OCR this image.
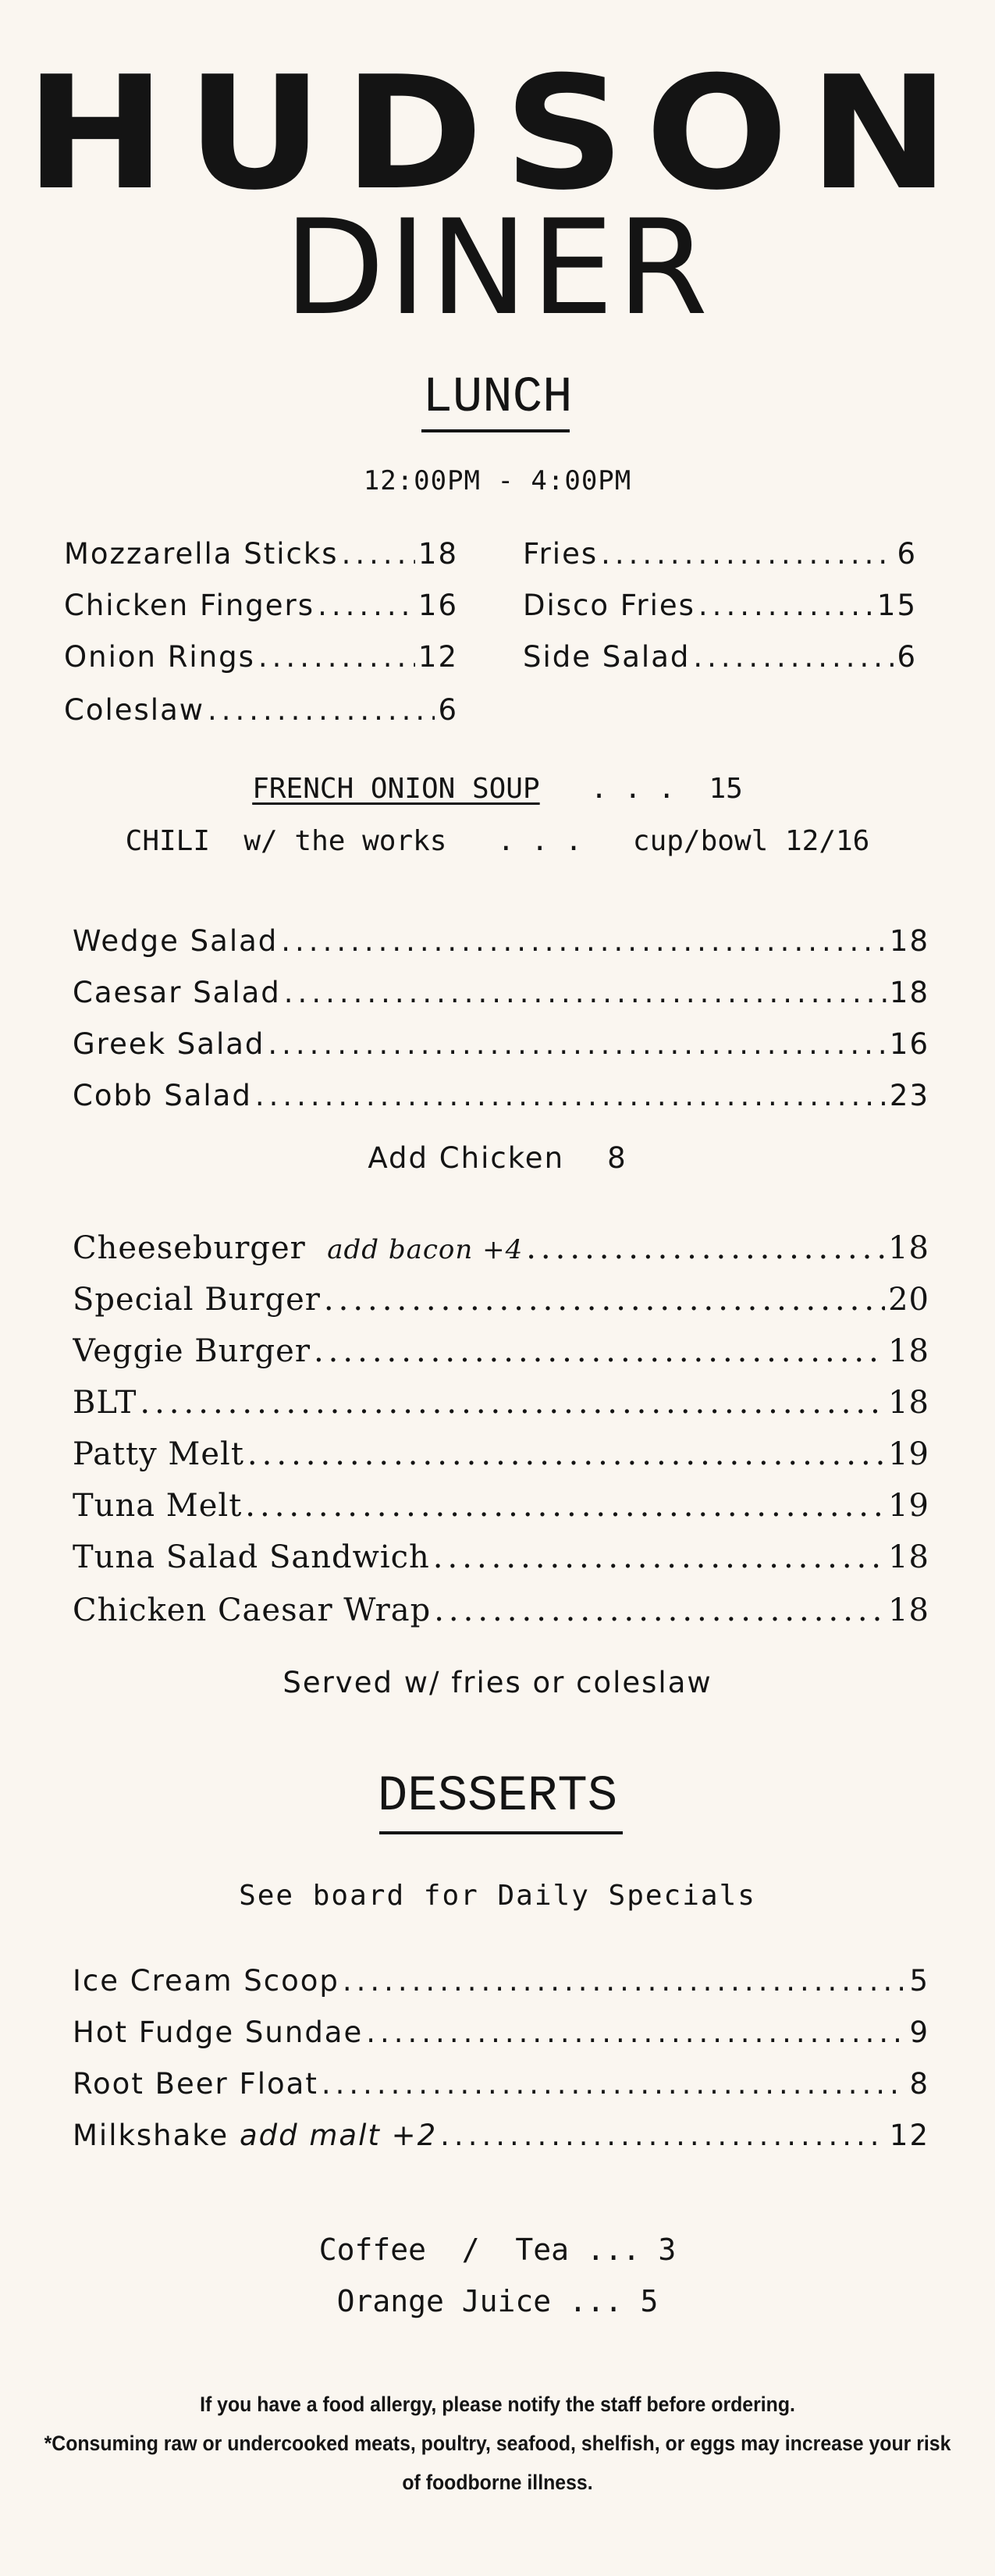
HUDSON
DINER
LUNCH
12:00PM - 4:00PM
Mozzarella Sticks .....	18
Chicken Fingers .....	16
Onion Rings .....	12
Coleslaw .....	6
Fries .....	6
Disco Fries .....	15
Side Salad .....	6
FRENCH ONION SOUP . . . 15
CHILI w/ the works . . . cup/bowl 12/16
Wedge Salad .....	18
Caesar Salad .....	18
Greek Salad .....	16
Cobb Salad .....	23
Add Chicken 8
Cheeseburger add bacon +4 .....	18
Special Burger .....	20
Veggie Burger .....	18
BLT .....	18
Patty Melt .....	19
Tuna Melt .....	19
Tuna Salad Sandwich .....	18
Chicken Caesar Wrap .....	18
Served w/ fries or coleslaw
DESSERTS
See board for Daily Specials
Ice Cream Scoop .....	5
Hot Fudge Sundae .....	9
Root Beer Float .....	8
Milkshake add malt +2 .....	12
Coffee  /  Tea ... 3
Orange Juice ... 5
If you have a food allergy, please notify the staff before ordering.
*Consuming raw or undercooked meats, poultry, seafood, shelfish, or eggs may increase your risk
of foodborne illness.
